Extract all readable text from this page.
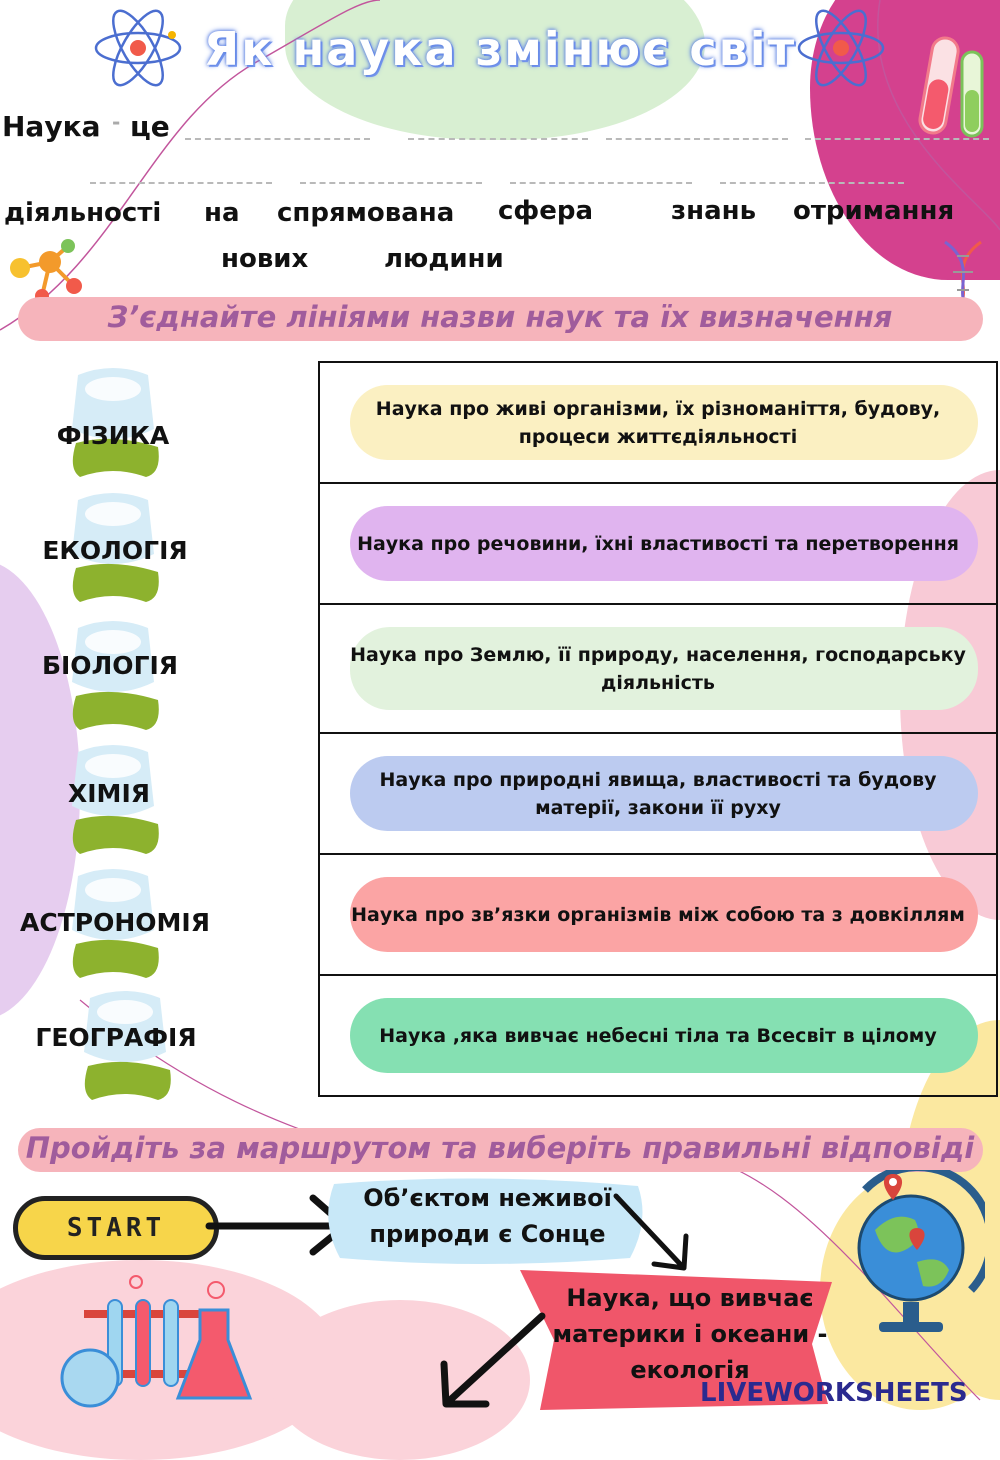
Як наука змінює світ
Наука - це
діяльності на спрямована сфера	знань отримання
нових	людини
З’єднайте лініями назви наук та їх визначення
ФІЗИКА
ЕКОЛОГІЯ
БІОЛОГІЯ
ХІМІЯ
АСТРОНОМІЯ
ГЕОГРАФІЯ
Наука про живі організми, їх різноманіття, будову, процеси життєдіяльності
Наука про речовини, їхні властивості та перетворення
Наука про Землю, її природу, населення, господарську діяльність
Наука про природні явища, властивості та будову матерії, закони її руху
Наука про зв’язки організмів між собою та з довкіллям
Наука ,яка вивчає небесні тіла та Всесвіт в цілому
Пройдіть за маршрутом та виберіть правильні відповіді
START
Об’єктом неживої природи є Сонце
Наука, що вивчає материки і океани - екологія
LIVEWORKSHEETS
